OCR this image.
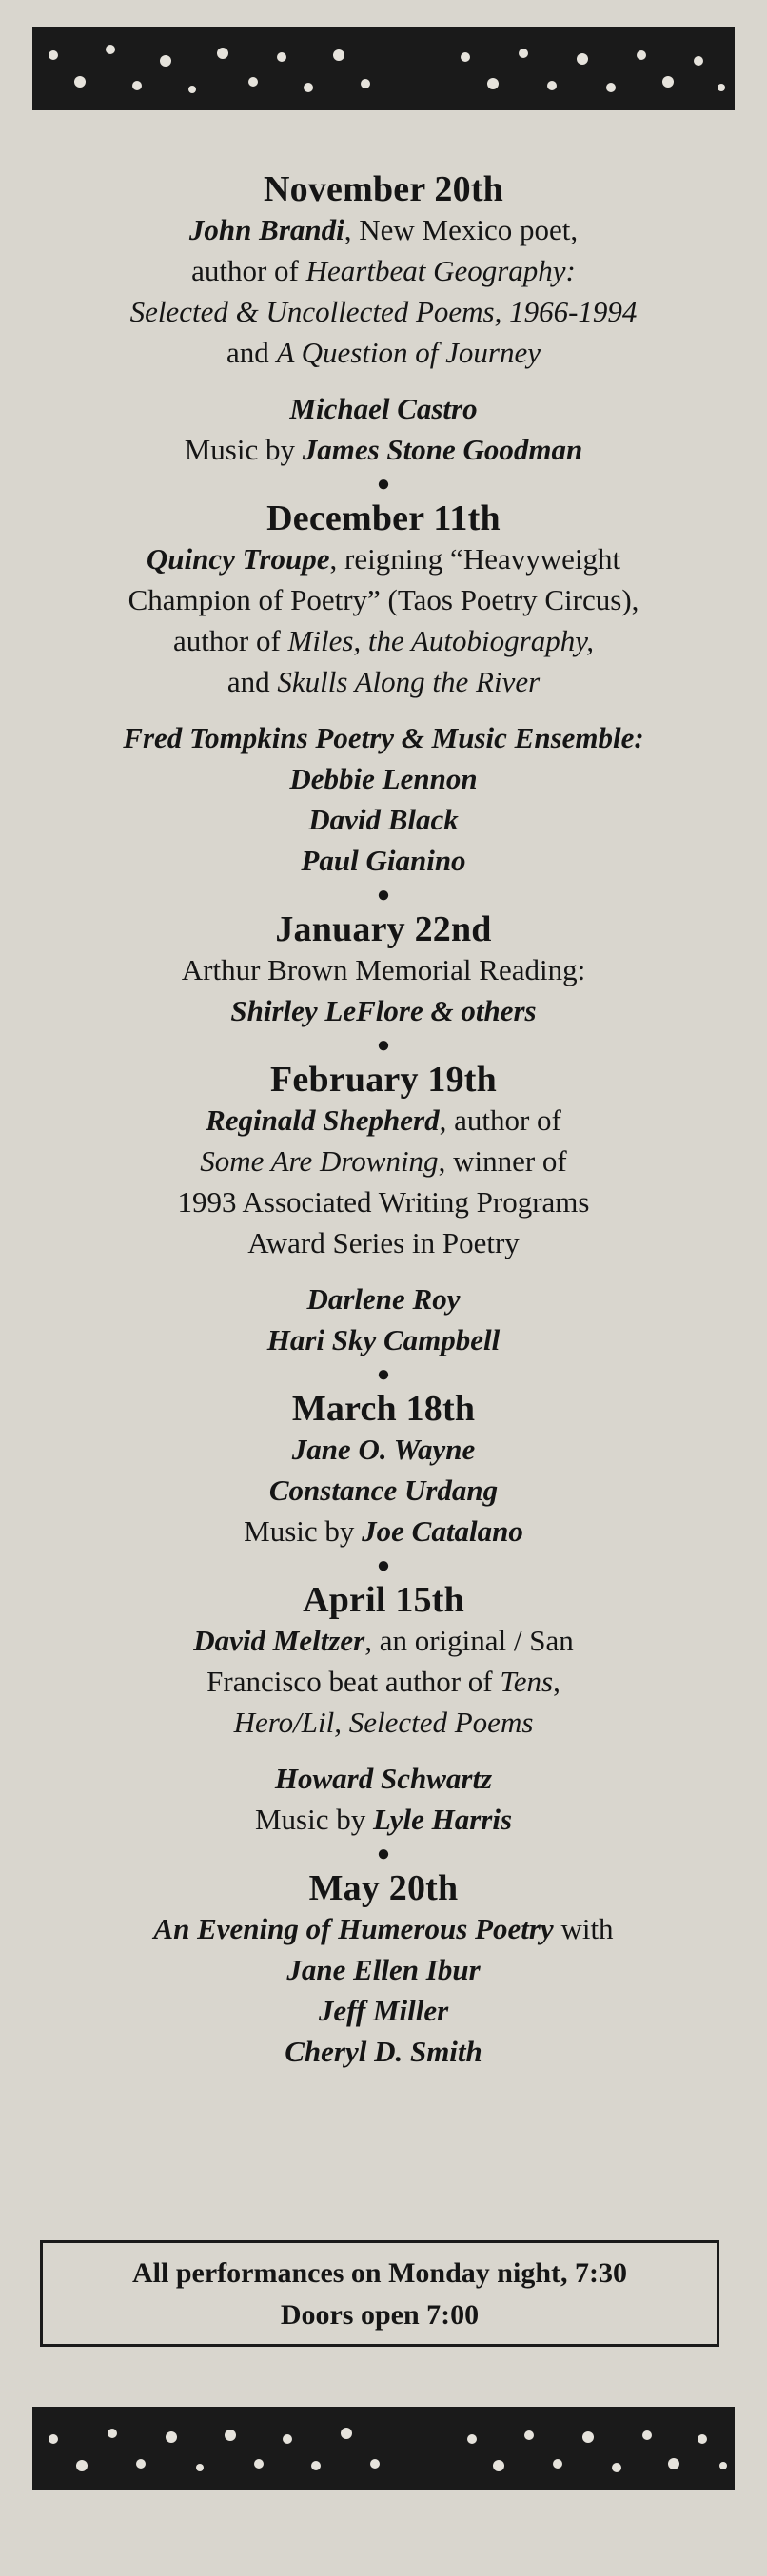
November 20th

John Brandi, New Mexico poet,

author of Heartbeat Geography:

Selected & Uncollected Poems, 1966-1994

and A Question of Journey

Michael Castro

Music by James Stone Goodman

●

December 11th

Quincy Troupe, reigning “Heavyweight

Champion of Poetry” (Taos Poetry Circus),

author of Miles, the Autobiography,

and Skulls Along the River

Fred Tompkins Poetry & Music Ensemble:

Debbie Lennon

David Black

Paul Gianino

●

January 22nd

Arthur Brown Memorial Reading:

Shirley LeFlore & others

●

February 19th

Reginald Shepherd, author of

Some Are Drowning, winner of

1993 Associated Writing Programs

Award Series in Poetry

Darlene Roy

Hari Sky Campbell

●

March 18th

Jane O. Wayne

Constance Urdang

Music by Joe Catalano

●

April 15th

David Meltzer, an original / San

Francisco beat author of Tens,

Hero/Lil, Selected Poems

Howard Schwartz

Music by Lyle Harris

●

May 20th

An Evening of Humerous Poetry with

Jane Ellen Ibur

Jeff Miller

Cheryl D. Smith

All performances on Monday night, 7:30

Doors open 7:00
